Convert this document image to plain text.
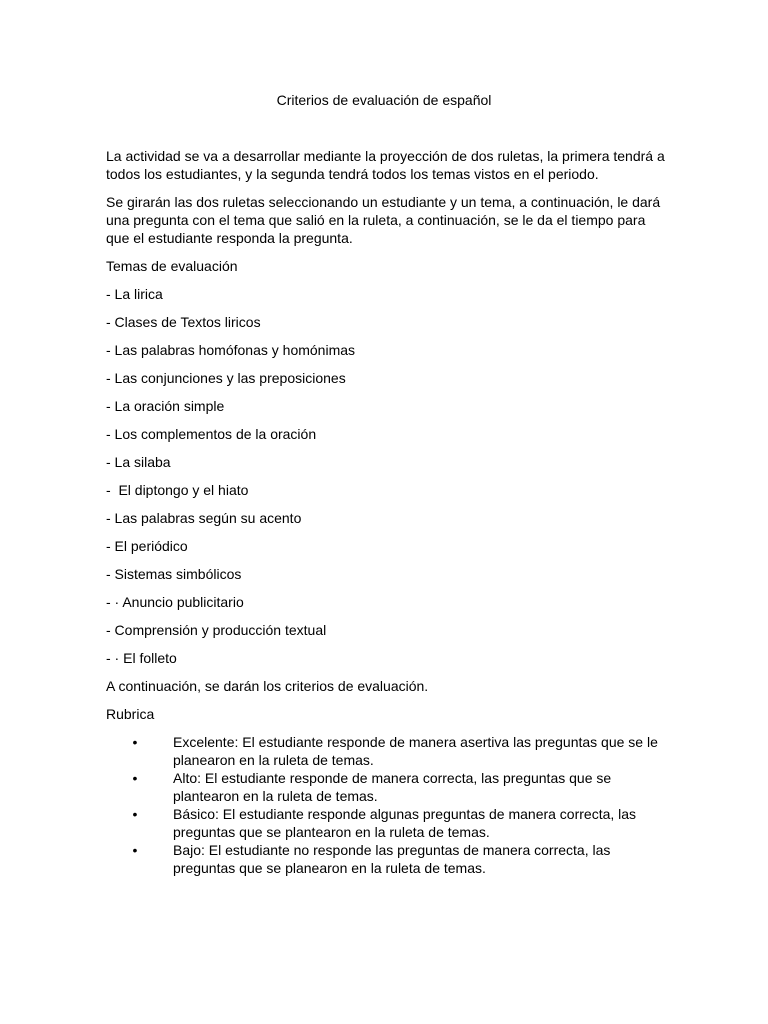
Criterios de evaluación de español

La actividad se va a desarrollar mediante la proyección de dos ruletas, la primera tendrá a todos los estudiantes, y la segunda tendrá todos los temas vistos en el periodo.

Se girarán las dos ruletas seleccionando un estudiante y un tema, a continuación, le dará una pregunta con el tema que salió en la ruleta, a continuación, se le da el tiempo para que el estudiante responda la pregunta.

Temas de evaluación

- La lirica

- Clases de Textos liricos

- Las palabras homófonas y homónimas

- Las conjunciones y las preposiciones

- La oración simple

- Los complementos de la oración

- La silaba

-  El diptongo y el hiato

- Las palabras según su acento

- El periódico

- Sistemas simbólicos

- · Anuncio publicitario

- Comprensión y producción textual

- · El folleto

A continuación, se darán los criterios de evaluación.

Rubrica

•	Excelente: El estudiante responde de manera asertiva las preguntas que se le planearon en la ruleta de temas.
•	Alto: El estudiante responde de manera correcta, las preguntas que se plantearon en la ruleta de temas.
•	Básico: El estudiante responde algunas preguntas de manera correcta, las preguntas que se plantearon en la ruleta de temas.
•	Bajo: El estudiante no responde las preguntas de manera correcta, las preguntas que se planearon en la ruleta de temas.
